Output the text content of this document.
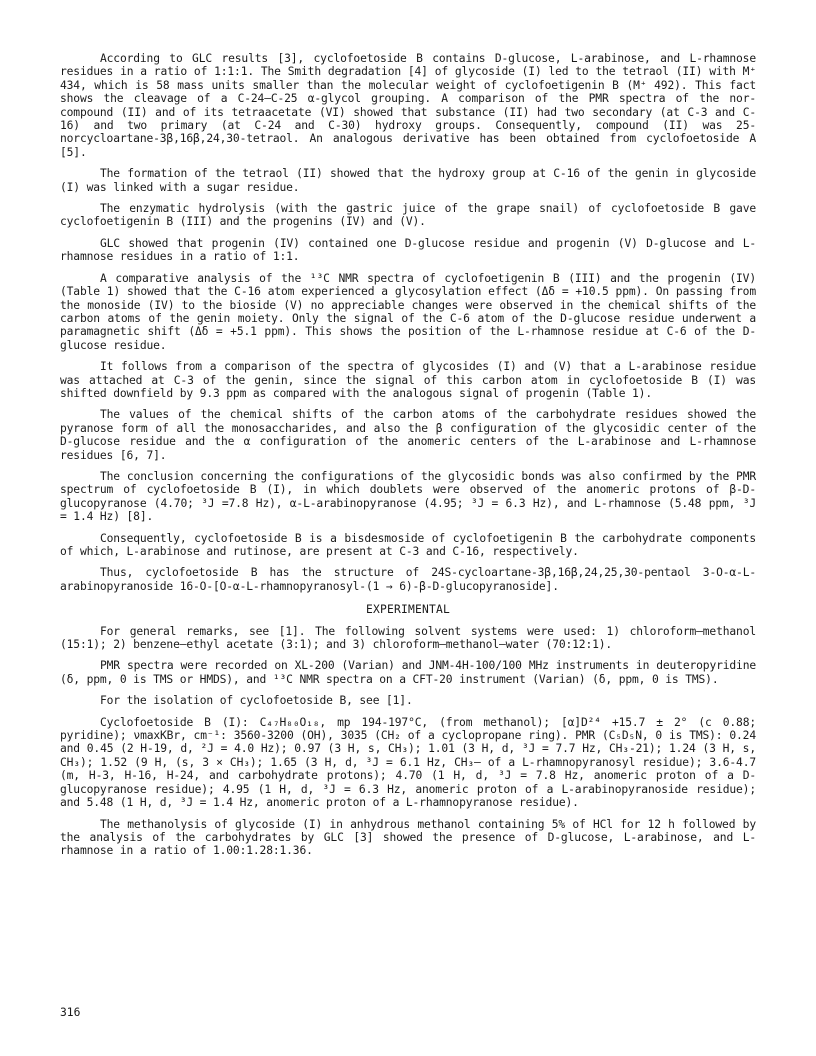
According to GLC results [3], cyclofoetoside B contains D-glucose, L-arabinose, and L-rhamnose residues in a ratio of 1:1:1. The Smith degradation [4] of glycoside (I) led to the tetraol (II) with M⁺ 434, which is 58 mass units smaller than the molecular weight of cyclofoetigenin B (M⁺ 492). This fact shows the cleavage of a C-24—C-25 α-glycol grouping. A comparison of the PMR spectra of the nor- compound (II) and of its tetraacetate (VI) showed that substance (II) had two secondary (at C-3 and C-16) and two primary (at C-24 and C-30) hydroxy groups. Consequently, compound (II) was 25-norcycloartane-3β,16β,24,30-tetraol. An analogous derivative has been obtained from cyclofoetoside A [5].

The formation of the tetraol (II) showed that the hydroxy group at C-16 of the genin in glycoside (I) was linked with a sugar residue.

The enzymatic hydrolysis (with the gastric juice of the grape snail) of cyclofoetoside B gave cyclofoetigenin B (III) and the progenins (IV) and (V).

GLC showed that progenin (IV) contained one D-glucose residue and progenin (V) D-glucose and L-rhamnose residues in a ratio of 1:1.

A comparative analysis of the ¹³C NMR spectra of cyclofoetigenin B (III) and the progenin (IV) (Table 1) showed that the C-16 atom experienced a glycosylation effect (Δδ = +10.5 ppm). On passing from the monoside (IV) to the bioside (V) no appreciable changes were observed in the chemical shifts of the carbon atoms of the genin moiety. Only the signal of the C-6 atom of the D-glucose residue underwent a paramagnetic shift (Δδ = +5.1 ppm). This shows the position of the L-rhamnose residue at C-6 of the D-glucose residue.

It follows from a comparison of the spectra of glycosides (I) and (V) that a L-arabinose residue was attached at C-3 of the genin, since the signal of this carbon atom in cyclofoetoside B (I) was shifted downfield by 9.3 ppm as compared with the analogous signal of progenin (Table 1).

The values of the chemical shifts of the carbon atoms of the carbohydrate residues showed the pyranose form of all the monosaccharides, and also the β configuration of the glycosidic center of the D-glucose residue and the α configuration of the anomeric centers of the L-arabinose and L-rhamnose residues [6, 7].

The conclusion concerning the configurations of the glycosidic bonds was also confirmed by the PMR spectrum of cyclofoetoside B (I), in which doublets were observed of the anomeric protons of β-D-glucopyranose (4.70; ³J =7.8 Hz), α-L-arabinopyranose (4.95; ³J = 6.3 Hz), and L-rhamnose (5.48 ppm, ³J = 1.4 Hz) [8].

Consequently, cyclofoetoside B is a bisdesmoside of cyclofoetigenin B the carbohydrate components of which, L-arabinose and rutinose, are present at C-3 and C-16, respectively.

Thus, cyclofoetoside B has the structure of 24S-cycloartane-3β,16β,24,25,30-pentaol 3-O-α-L-arabinopyranoside 16-O-[O-α-L-rhamnopyranosyl-(1 → 6)-β-D-glucopyranoside].

EXPERIMENTAL

For general remarks, see [1]. The following solvent systems were used: 1) chloroform—methanol (15:1); 2) benzene—ethyl acetate (3:1); and 3) chloroform—methanol—water (70:12:1).

PMR spectra were recorded on XL-200 (Varian) and JNM-4H-100/100 MHz instruments in deuteropyridine (δ, ppm, 0 is TMS or HMDS), and ¹³C NMR spectra on a CFT-20 instrument (Varian) (δ, ppm, 0 is TMS).

For the isolation of cyclofoetoside B, see [1].

Cyclofoetoside B (I): C₄₇H₈₀O₁₈, mp 194-197°C, (from methanol); [α]D²⁴ +15.7 ± 2° (c 0.88; pyridine); νmaxKBr, cm⁻¹: 3560-3200 (OH), 3035 (CH₂ of a cyclopropane ring). PMR (C₅D₅N, 0 is TMS): 0.24 and 0.45 (2 H-19, d, ²J = 4.0 Hz); 0.97 (3 H, s, CH₃); 1.01 (3 H, d, ³J = 7.7 Hz, CH₃-21); 1.24 (3 H, s, CH₃); 1.52 (9 H, (s, 3 × CH₃); 1.65 (3 H, d, ³J = 6.1 Hz, CH₃— of a L-rhamnopyranosyl residue); 3.6-4.7 (m, H-3, H-16, H-24, and carbohydrate protons); 4.70 (1 H, d, ³J = 7.8 Hz, anomeric proton of a D-glucopyranose residue); 4.95 (1 H, d, ³J = 6.3 Hz, anomeric proton of a L-arabinopyranoside residue); and 5.48 (1 H, d, ³J = 1.4 Hz, anomeric proton of a L-rhamnopyranose residue).

The methanolysis of glycoside (I) in anhydrous methanol containing 5% of HCl for 12 h followed by the analysis of the carbohydrates by GLC [3] showed the presence of D-glucose, L-arabinose, and L-rhamnose in a ratio of 1.00:1.28:1.36.

316
